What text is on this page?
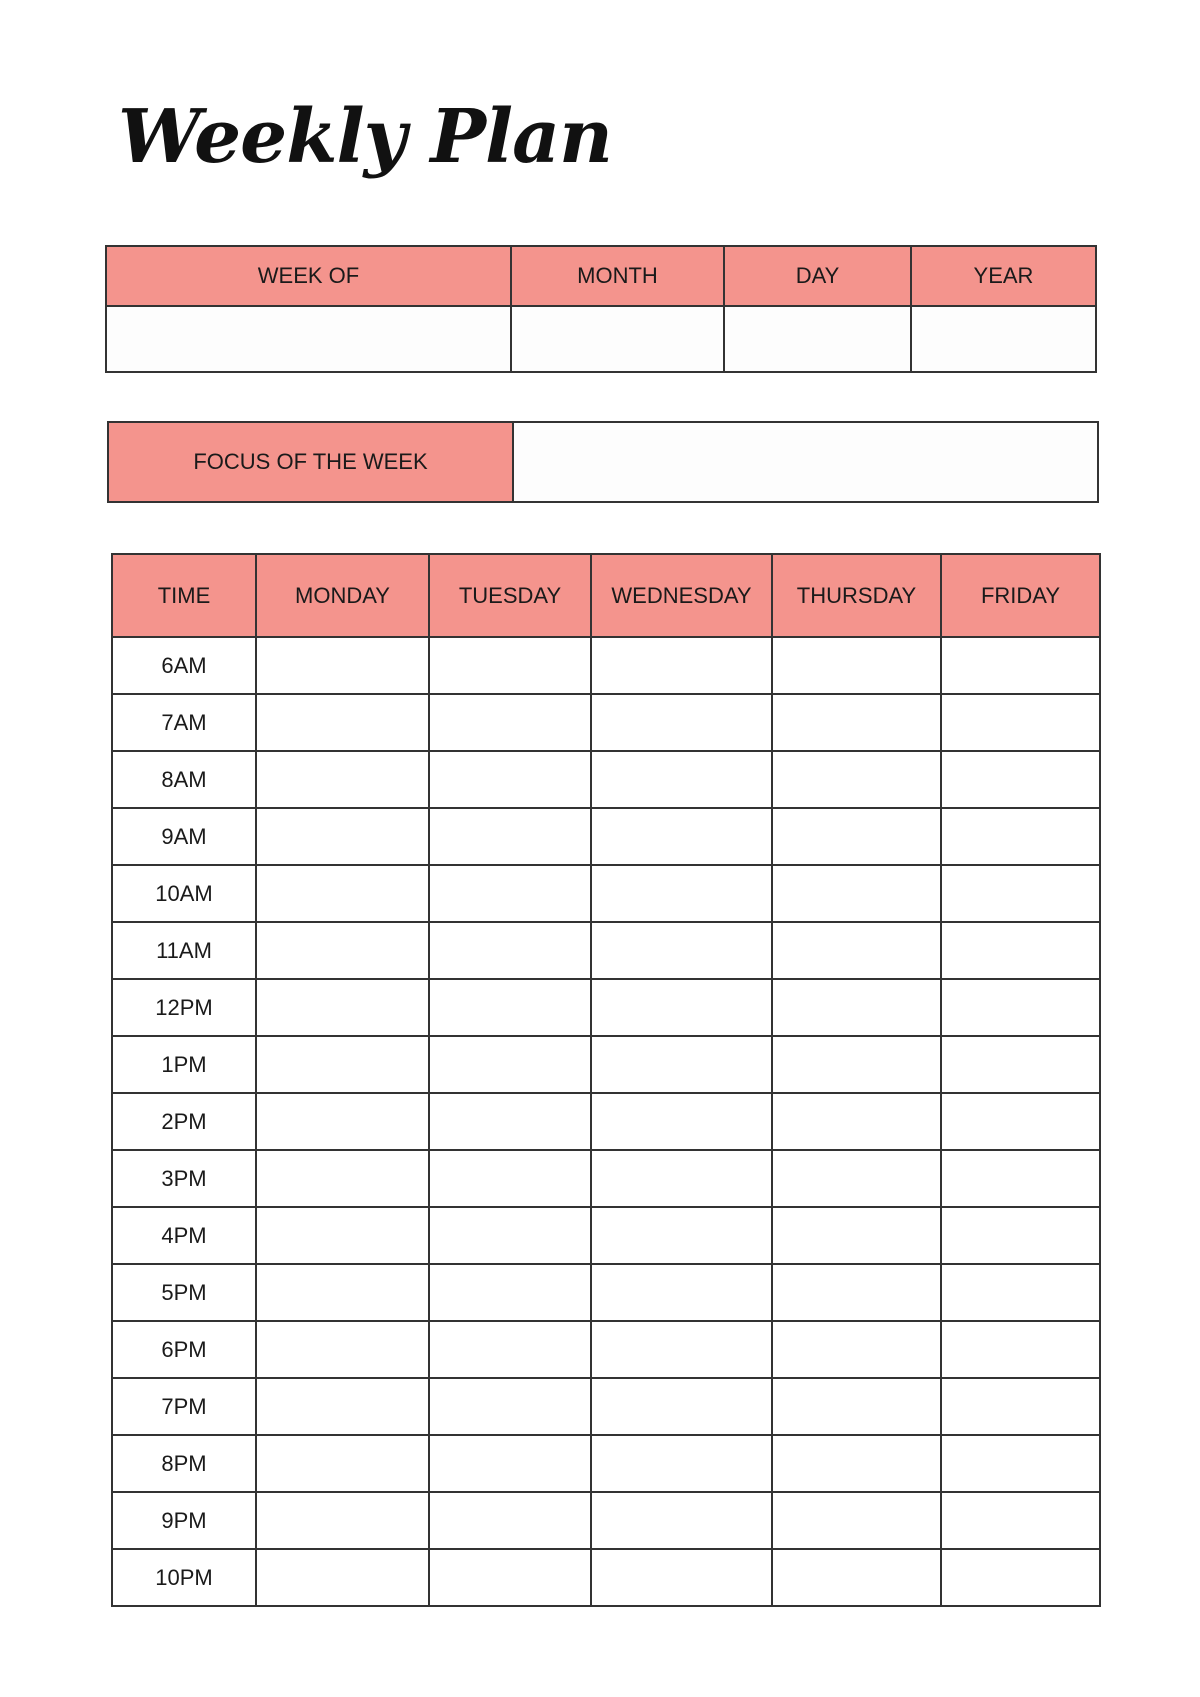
Weekly Plan
WEEK OF	MONTH	DAY	YEAR

FOCUS OF THE WEEK	
TIME	MONDAY	TUESDAY	WEDNESDAY	THURSDAY	FRIDAY
6AM					
7AM					
8AM					
9AM					
10AM					
11AM					
12PM					
1PM					
2PM					
3PM					
4PM					
5PM					
6PM					
7PM					
8PM					
9PM					
10PM					
